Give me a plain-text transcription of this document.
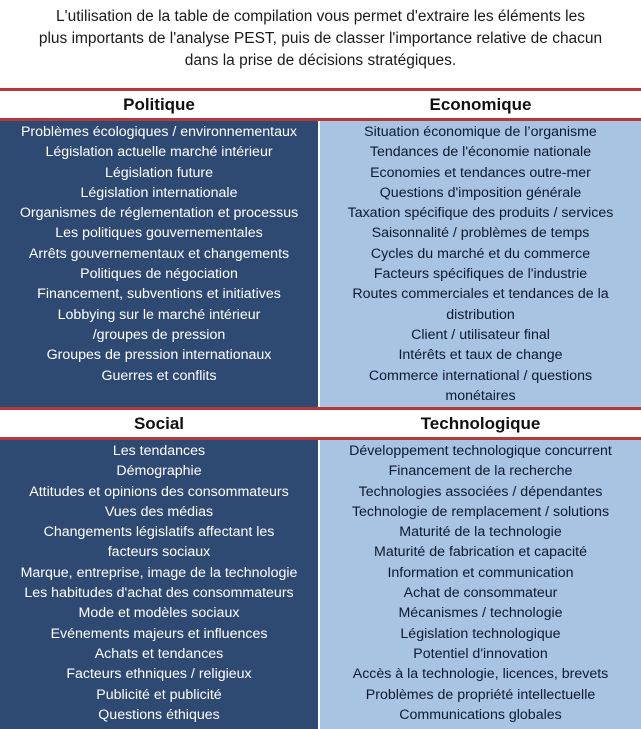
L'utilisation de la table de compilation vous permet d'extraire les éléments les
plus importants de l'analyse PEST, puis de classer l'importance relative de chacun
dans la prise de décisions stratégiques.
Politique	Economique
Problèmes écologiques / environnementaux
Législation actuelle marché intérieur
Législation future
Législation internationale
Organismes de réglementation et processus
Les politiques gouvernementales
Arrêts gouvernementaux et changements
Politiques de négociation
Financement, subventions et initiatives
Lobbying sur le marché intérieur
/groupes de pression
Groupes de pression internationaux
Guerres et conflits
Situation économique de l’organisme
Tendances de l'économie nationale
Economies et tendances outre-mer
Questions d'imposition générale
Taxation spécifique des produits / services
Saisonnalité / problèmes de temps
Cycles du marché et du commerce
Facteurs spécifiques de l'industrie
Routes commerciales et tendances de la distribution
Client / utilisateur final
Intérêts et taux de change
Commerce international / questions monétaires
Social	Technologique
Les tendances
Démographie
Attitudes et opinions des consommateurs
Vues des médias
Changements législatifs affectant les
facteurs sociaux
Marque, entreprise, image de la technologie
Les habitudes d'achat des consommateurs
Mode et modèles sociaux
Evénements majeurs et influences
Achats et tendances
Facteurs ethniques / religieux
Publicité et publicité
Questions éthiques
Développement technologique concurrent
Financement de la recherche
Technologies associées / dépendantes
Technologie de remplacement / solutions
Maturité de la technologie
Maturité de fabrication et capacité
Information et communication
Achat de consommateur
Mécanismes / technologie
Législation technologique
Potentiel d'innovation
Accès à la technologie, licences, brevets
Problèmes de propriété intellectuelle
Communications globales
